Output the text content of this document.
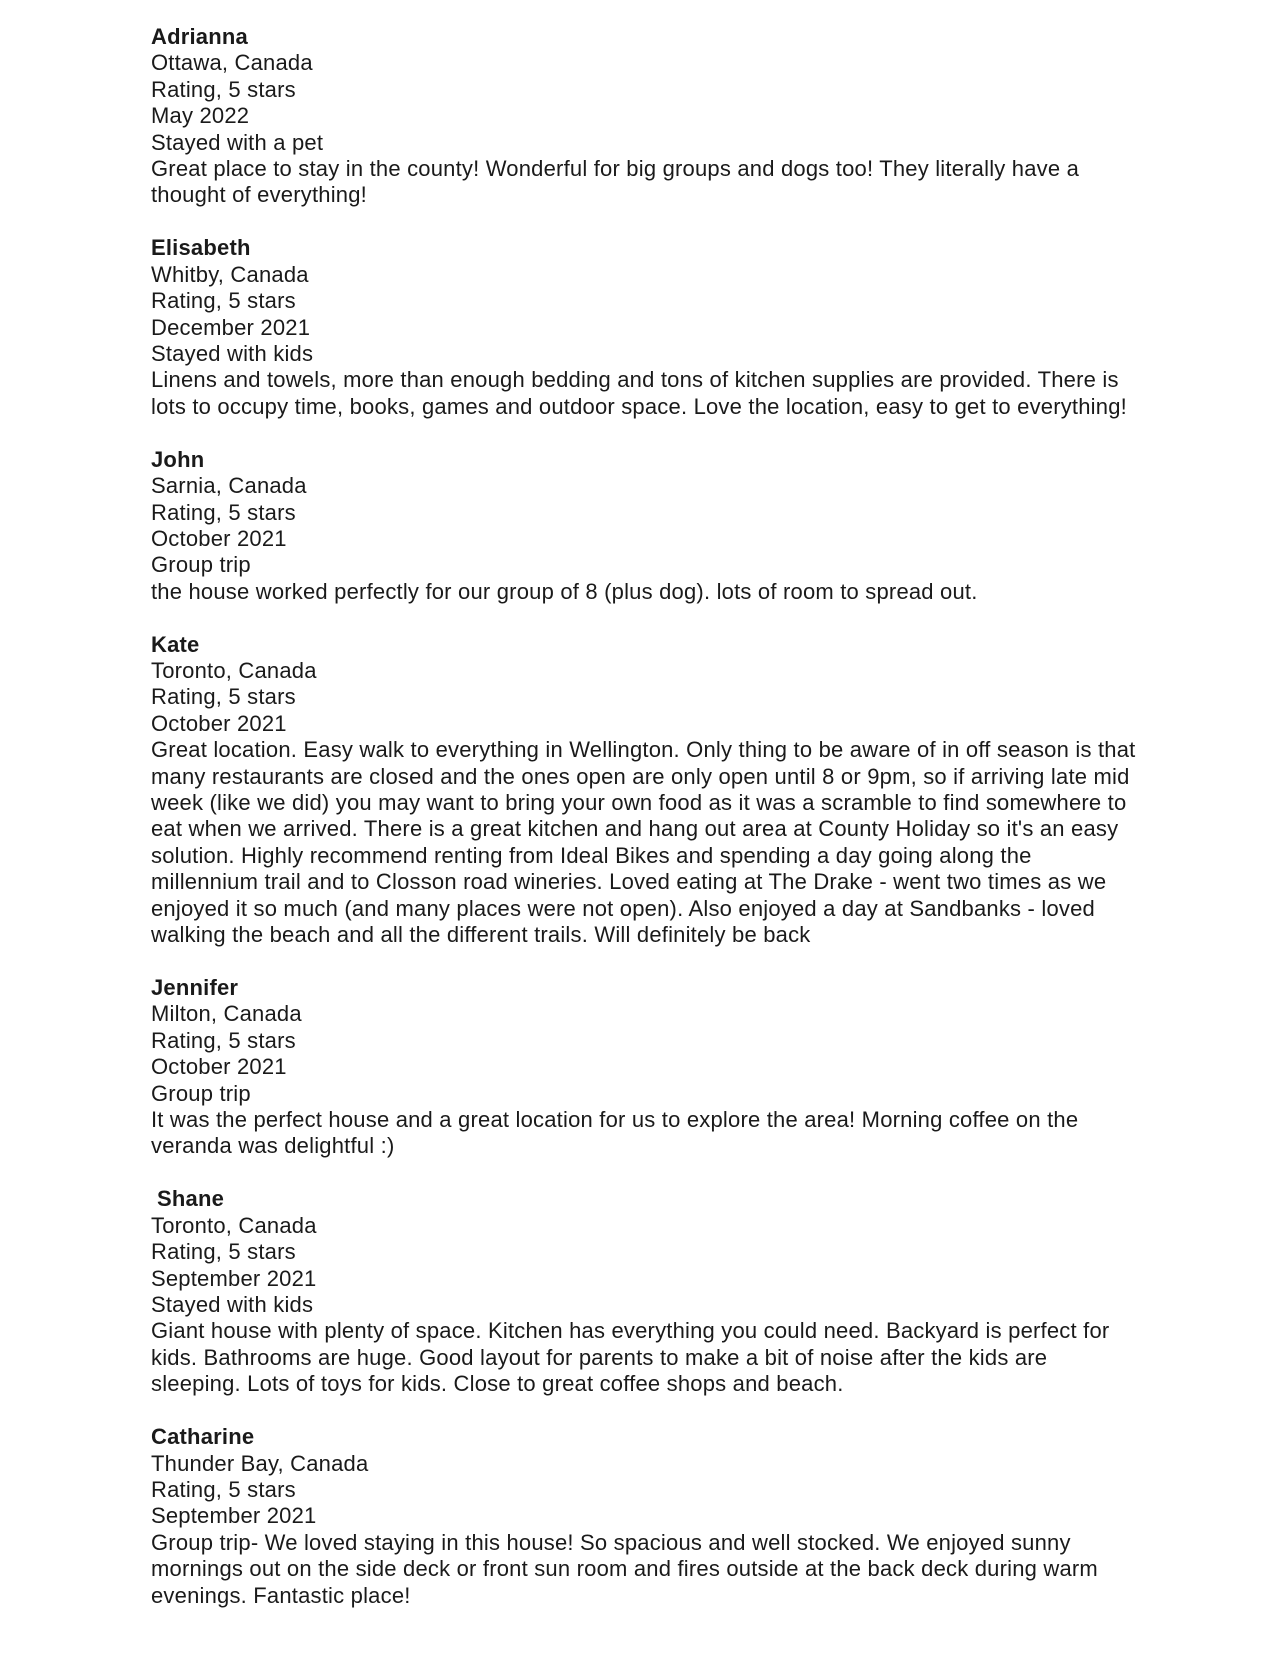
Adrianna

Ottawa, Canada

Rating, 5 stars

May 2022

Stayed with a pet

Great place to stay in the county! Wonderful for big groups and dogs too! They literally have a thought of everything!

Elisabeth

Whitby, Canada

Rating, 5 stars

December 2021

Stayed with kids

Linens and towels, more than enough bedding and tons of kitchen supplies are provided. There is lots to occupy time, books, games and outdoor space. Love the location, easy to get to everything!

John

Sarnia, Canada

Rating, 5 stars

October 2021

Group trip

the house worked perfectly for our group of 8 (plus dog). lots of room to spread out.

Kate

Toronto, Canada

Rating, 5 stars

October 2021

Great location. Easy walk to everything in Wellington. Only thing to be aware of in off season is that many restaurants are closed and the ones open are only open until 8 or 9pm, so if arriving late mid week (like we did) you may want to bring your own food as it was a scramble to find somewhere to eat when we arrived. There is a great kitchen and hang out area at County Holiday so it's an easy solution. Highly recommend renting from Ideal Bikes and spending a day going along the millennium trail and to Closson road wineries. Loved eating at The Drake - went two times as we enjoyed it so much (and many places were not open). Also enjoyed a day at Sandbanks - loved walking the beach and all the different trails. Will definitely be back

Jennifer

Milton, Canada

Rating, 5 stars

October 2021

Group trip

It was the perfect house and a great location for us to explore the area! Morning coffee on the veranda was delightful :)

Shane

Toronto, Canada

Rating, 5 stars

September 2021

Stayed with kids

Giant house with plenty of space. Kitchen has everything you could need. Backyard is perfect for kids. Bathrooms are huge. Good layout for parents to make a bit of noise after the kids are sleeping. Lots of toys for kids. Close to great coffee shops and beach.

Catharine

Thunder Bay, Canada

Rating, 5 stars

September 2021

Group trip- We loved staying in this house! So spacious and well stocked. We enjoyed sunny mornings out on the side deck or front sun room and fires outside at the back deck during warm evenings. Fantastic place!
